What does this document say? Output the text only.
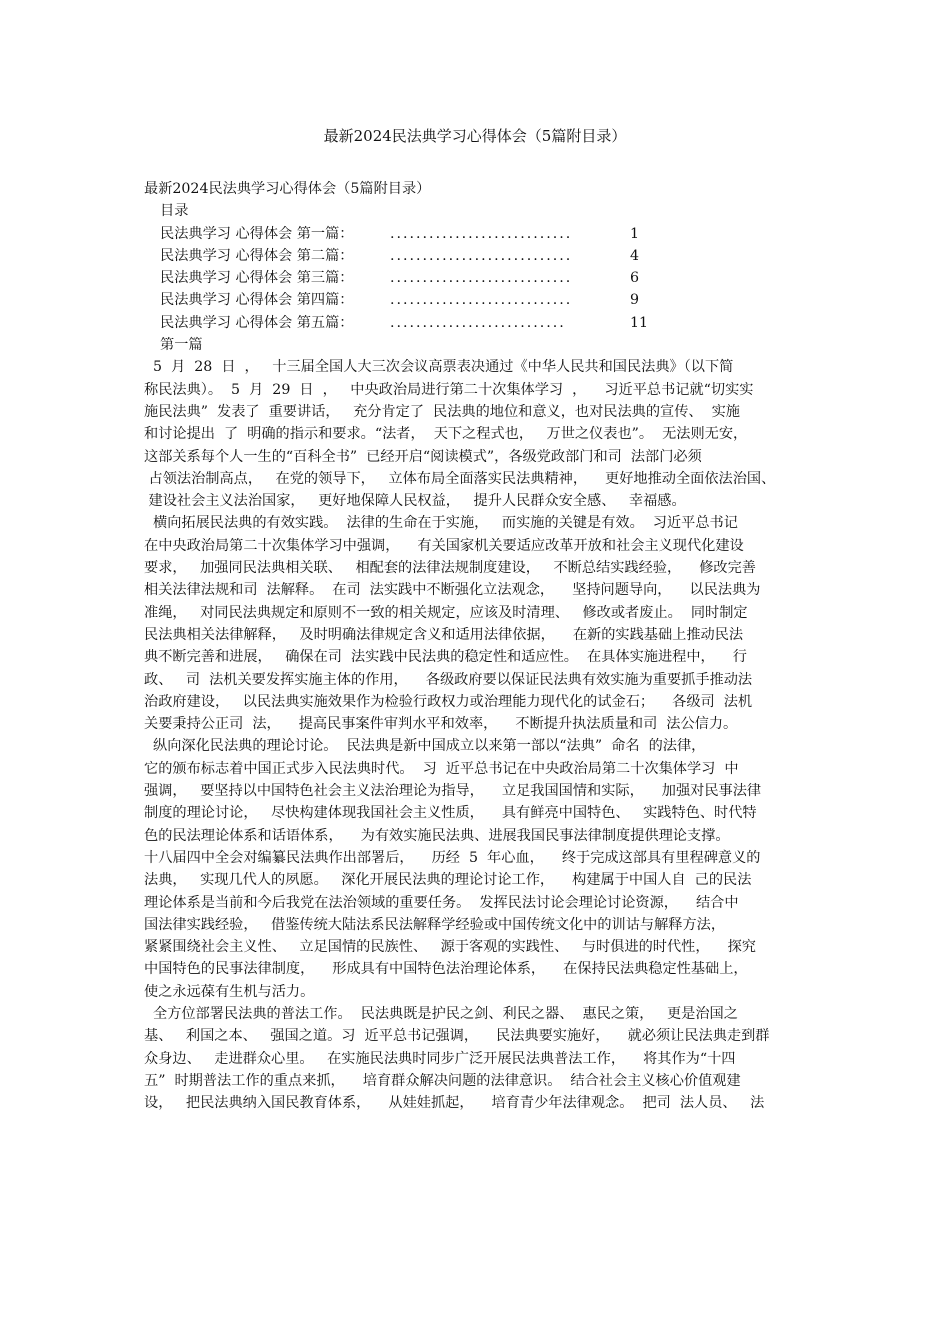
最新2024民法典学习心得体会（5篇附目录）
最新2024民法典学习心得体会（5篇附目录）
目录
民法典学习 心得体会 第一篇：	............................	1
民法典学习 心得体会 第二篇：	............................	4
民法典学习 心得体会 第三篇：	............................	6
民法典学习 心得体会 第四篇：	............................	9
民法典学习 心得体会 第五篇：	...........................	11
第一篇
5  月  28  日  ，   十三届全国人大三次会议高票表决通过《中华人民共和国民法典》（以下简
称民法典）。  5  月  29  日  ，   中央政治局进行第二十次集体学习  ，    习近平总书记就“切实实
施民法典”  发表了  重要讲话，   充分肯定了  民法典的地位和意义，也对民法典的宣传、  实施
和讨论提出  了  明确的指示和要求。“法者，  天下之程式也，   万世之仪表也”。  无法则无安，
这部关系每个人一生的“百科全书”  已经开启“阅读模式”，各级党政部门和司  法部门必须
占领法治制高点，   在党的领导下，   立体布局全面落实民法典精神，    更好地推动全面依法治国、
建设社会主义法治国家，   更好地保障人民权益，   提升人民群众安全感、   幸福感。
横向拓展民法典的有效实践。  法律的生命在于实施，   而实施的关键是有效。  习近平总书记
在中央政治局第二十次集体学习中强调，    有关国家机关要适应改革开放和社会主义现代化建设
要求，   加强同民法典相关联、   相配套的法律法规制度建设，   不断总结实践经验，    修改完善
相关法律法规和司  法解释。  在司  法实践中不断强化立法观念，    坚持问题导向，    以民法典为
准绳，   对同民法典规定和原则不一致的相关规定，应该及时清理、   修改或者废止。  同时制定
民法典相关法律解释，   及时明确法律规定含义和适用法律依据，    在新的实践基础上推动民法
典不断完善和进展，   确保在司  法实践中民法典的稳定性和适应性。  在具体实施进程中，    行
政、   司  法机关要发挥实施主体的作用，    各级政府要以保证民法典有效实施为重要抓手推动法
治政府建设，   以民法典实施效果作为检验行政权力或治理能力现代化的试金石；    各级司  法机
关要秉持公正司  法，    提高民事案件审判水平和效率，    不断提升执法质量和司  法公信力。
纵向深化民法典的理论讨论。  民法典是新中国成立以来第一部以“法典”  命名  的法律，
它的颁布标志着中国正式步入民法典时代。  习  近平总书记在中央政治局第二十次集体学习  中
强调，   要坚持以中国特色社会主义法治理论为指导，    立足我国国情和实际，    加强对民事法律
制度的理论讨论，   尽快构建体现我国社会主义性质，    具有鲜亮中国特色、   实践特色、时代特
色的民法理论体系和话语体系，    为有效实施民法典、进展我国民事法律制度提供理论支撑。
十八届四中全会对编纂民法典作出部署后，    历经  5  年心血，    终于完成这部具有里程碑意义的
法典，   实现几代人的夙愿。   深化开展民法典的理论讨论工作，    构建属于中国人自  己的民法
理论体系是当前和今后我党在法治领域的重要任务。  发挥民法讨论会理论讨论资源，    结合中
国法律实践经验，   借鉴传统大陆法系民法解释学经验或中国传统文化中的训诂与解释方法，
紧紧围绕社会主义性、   立足国情的民族性、   源于客观的实践性、   与时俱进的时代性，    探究
中国特色的民事法律制度，    形成具有中国特色法治理论体系，    在保持民法典稳定性基础上，
使之永远葆有生机与活力。
全方位部署民法典的普法工作。  民法典既是护民之剑、利民之器、  惠民之策，   更是治国之
基、   利国之本、   强国之道。习  近平总书记强调，    民法典要实施好，    就必须让民法典走到群
众身边、   走进群众心里。   在实施民法典时同步广泛开展民法典普法工作，    将其作为“十四
五”  时期普法工作的重点来抓，    培育群众解决问题的法律意识。  结合社会主义核心价值观建
设，   把民法典纳入国民教育体系，    从娃娃抓起，    培育青少年法律观念。  把司  法人员、   法
